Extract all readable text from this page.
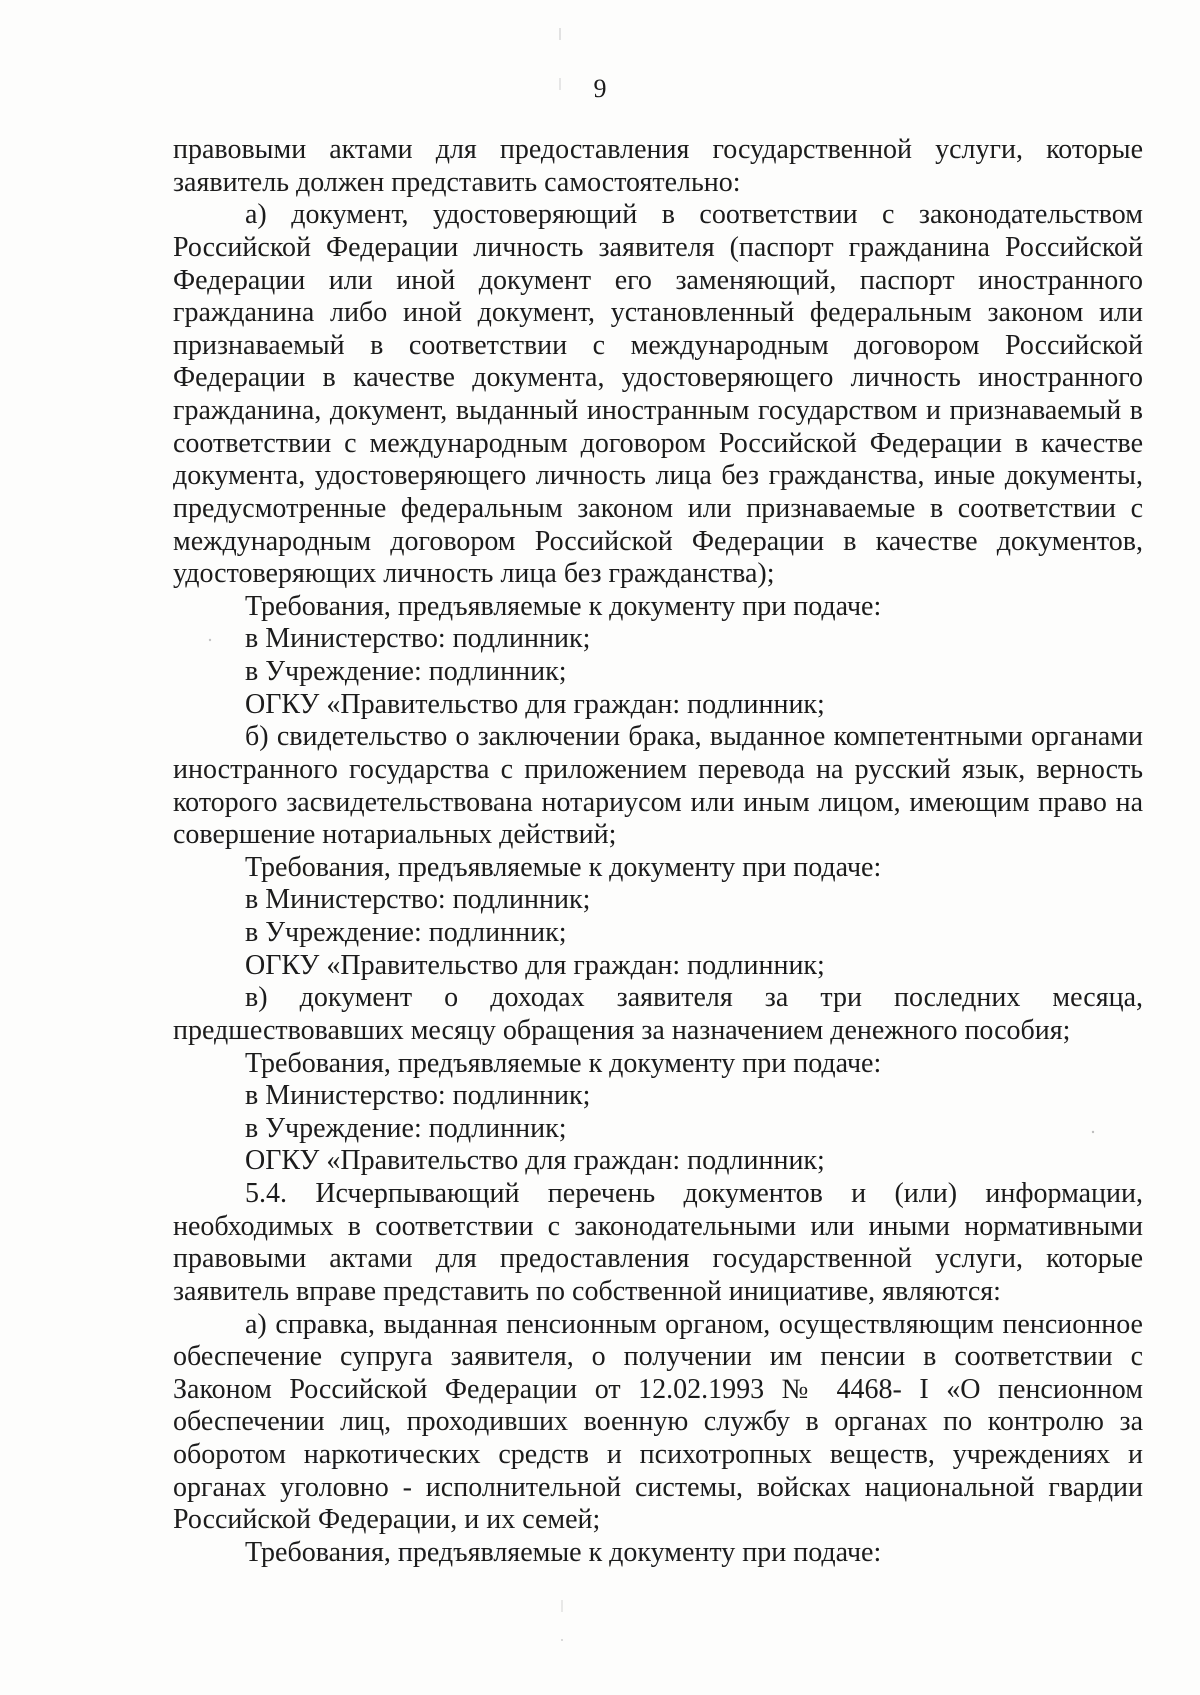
9

правовыми актами для предоставления государственной услуги, которые заявитель должен представить самостоятельно:

а) документ, удостоверяющий в соответствии с законодательством Российской Федерации личность заявителя (паспорт гражданина Российской Федерации или иной документ его заменяющий, паспорт иностранного гражданина либо иной документ, установленный федеральным законом или признаваемый в соответствии с международным договором Российской Федерации в качестве документа, удостоверяющего личность иностранного гражданина, документ, выданный иностранным государством и признаваемый в соответствии с международным договором Российской Федерации в качестве документа, удостоверяющего личность лица без гражданства, иные документы, предусмотренные федеральным законом или признаваемые в соответствии с международным договором Российской Федерации в качестве документов, удостоверяющих личность лица без гражданства);

Требования, предъявляемые к документу при подаче:

в Министерство: подлинник;

в Учреждение: подлинник;

ОГКУ «Правительство для граждан: подлинник;

б) свидетельство о заключении брака, выданное компетентными органами иностранного государства с приложением перевода на русский язык, верность которого засвидетельствована нотариусом или иным лицом, имеющим право на совершение нотариальных действий;

Требования, предъявляемые к документу при подаче:

в Министерство: подлинник;

в Учреждение: подлинник;

ОГКУ «Правительство для граждан: подлинник;

в) документ о доходах заявителя за три последних месяца, предшествовавших месяцу обращения за назначением денежного пособия;

Требования, предъявляемые к документу при подаче:

в Министерство: подлинник;

в Учреждение: подлинник;

ОГКУ «Правительство для граждан: подлинник;

5.4. Исчерпывающий перечень документов и (или) информации, необходимых в соответствии с законодательными или иными нормативными правовыми актами для предоставления государственной услуги, которые заявитель вправе представить по собственной инициативе, являются:

а) справка, выданная пенсионным органом, осуществляющим пенсионное обеспечение супруга заявителя, о получении им пенсии в соответствии с Законом Российской Федерации от 12.02.1993 № 4468- I «О пенсионном обеспечении лиц, проходивших военную службу в органах по контролю за оборотом наркотических средств и психотропных веществ, учреждениях и органах уголовно - исполнительной системы, войсках национальной гвардии Российской Федерации, и их семей;

Требования, предъявляемые к документу при подаче:
